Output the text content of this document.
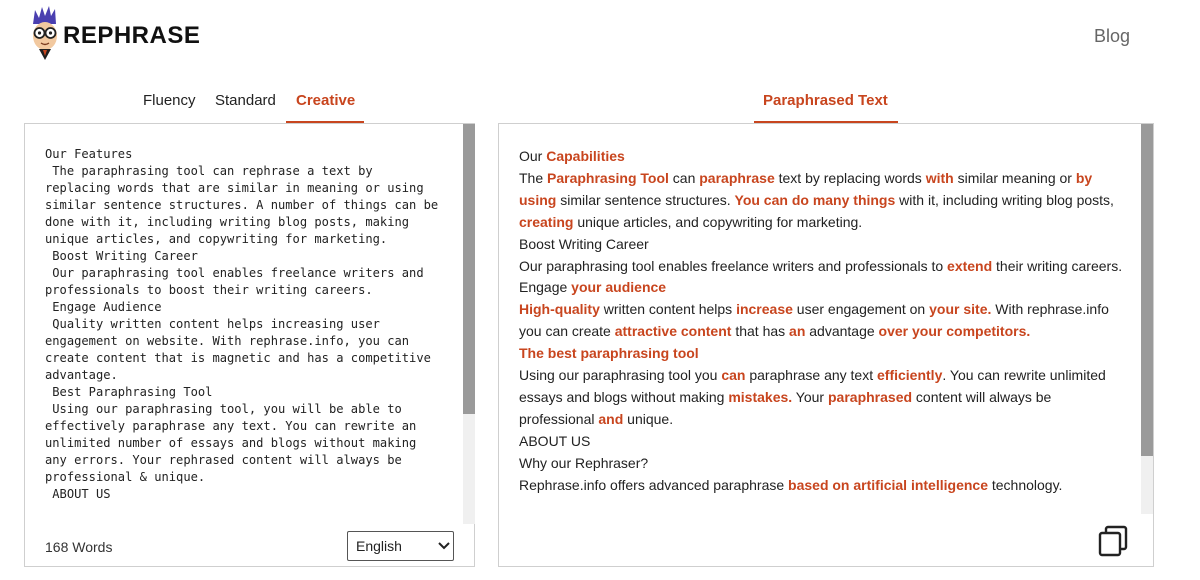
REPHRASE	Blog
Fluency Standard Creative	Paraphrased Text
Our Features
The paraphrasing tool can rephrase a text by replacing words that are similar in meaning or using similar sentence structures. A number of things can be done with it, including writing blog posts, making unique articles, and copywriting for marketing.
Boost Writing Career
Our paraphrasing tool enables freelance writers and professionals to boost their writing careers.
Engage Audience
Quality written content helps increasing user engagement on website. With rephrase.info, you can create content that is magnetic and has a competitive advantage.
Best Paraphrasing Tool
Using our paraphrasing tool, you will be able to effectively paraphrase any text. You can rewrite an unlimited number of essays and blogs without making any errors. Your rephrased content will always be professional & unique.
ABOUT US
168 Words	English

Our Capabilities

The Paraphrasing Tool can paraphrase text by replacing words with similar meaning or by using similar sentence structures. You can do many things with it, including writing blog posts, creating unique articles, and copywriting for marketing.

Boost Writing Career

Our paraphrasing tool enables freelance writers and professionals to extend their writing careers.

Engage your audience

High-quality written content helps increase user engagement on your site. With rephrase.info you can create attractive content that has an advantage over your competitors.

The best paraphrasing tool

Using our paraphrasing tool you can paraphrase any text efficiently. You can rewrite unlimited essays and blogs without making mistakes. Your paraphrased content will always be professional and unique.

ABOUT US

Why our Rephraser?

Rephrase.info offers advanced paraphrase based on artificial intelligence technology.
